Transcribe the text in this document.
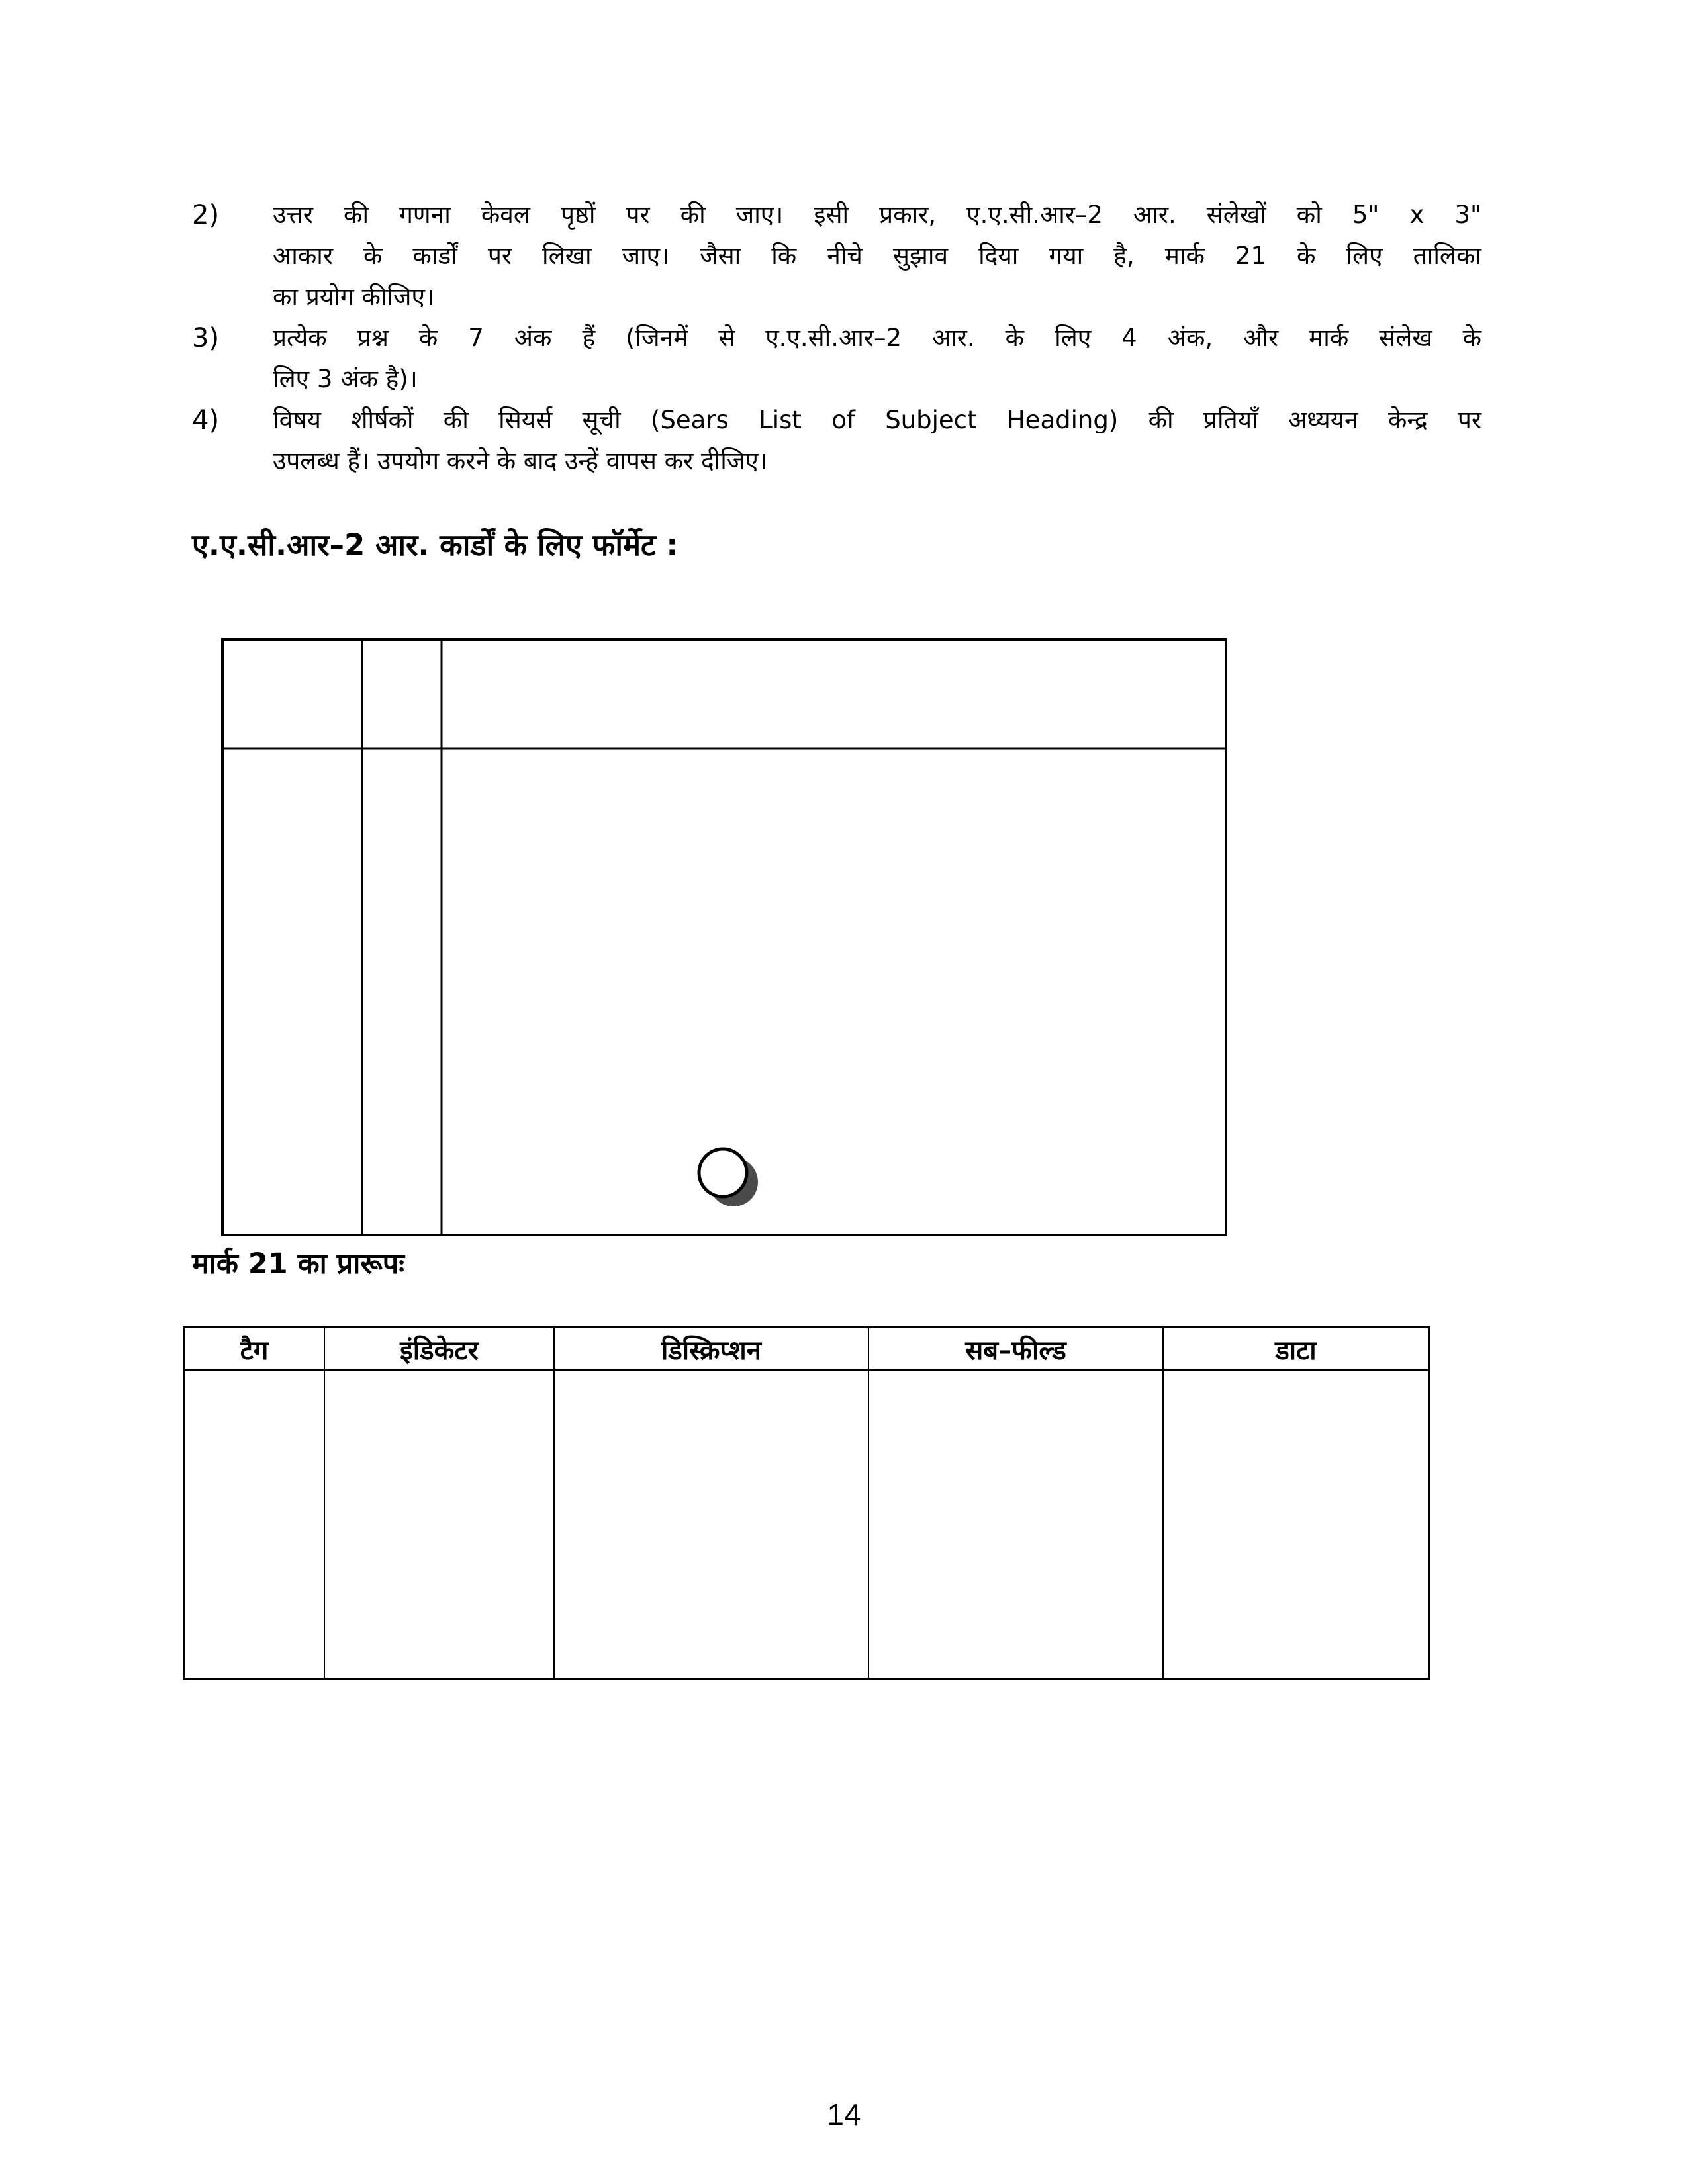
2) उत्तर की गणना केवल पृष्ठों पर की जाए। इसी प्रकार, ए.ए.सी.आर–2 आर. संलेखों को 5" x 3"
आकार के कार्डों पर लिखा जाए। जैसा कि नीचे सुझाव दिया गया है, मार्क 21 के लिए तालिका
का प्रयोग कीजिए।
3) प्रत्येक प्रश्न के 7 अंक हैं (जिनमें से ए.ए.सी.आर–2 आर. के लिए 4 अंक, और मार्क संलेख के
लिए 3 अंक है)।
4) विषय शीर्षकों की सियर्स सूची (Sears List of Subject Heading) की प्रतियाँ अध्ययन केन्द्र पर
उपलब्ध हैं। उपयोग करने के बाद उन्हें वापस कर दीजिए।
ए.ए.सी.आर–2 आर. कार्डों के लिए फॉर्मेट :
मार्क 21 का प्रारूपः
टैग	इंडिकेटर	डिस्क्रिप्शन	सब–फील्ड	डाटा
14
